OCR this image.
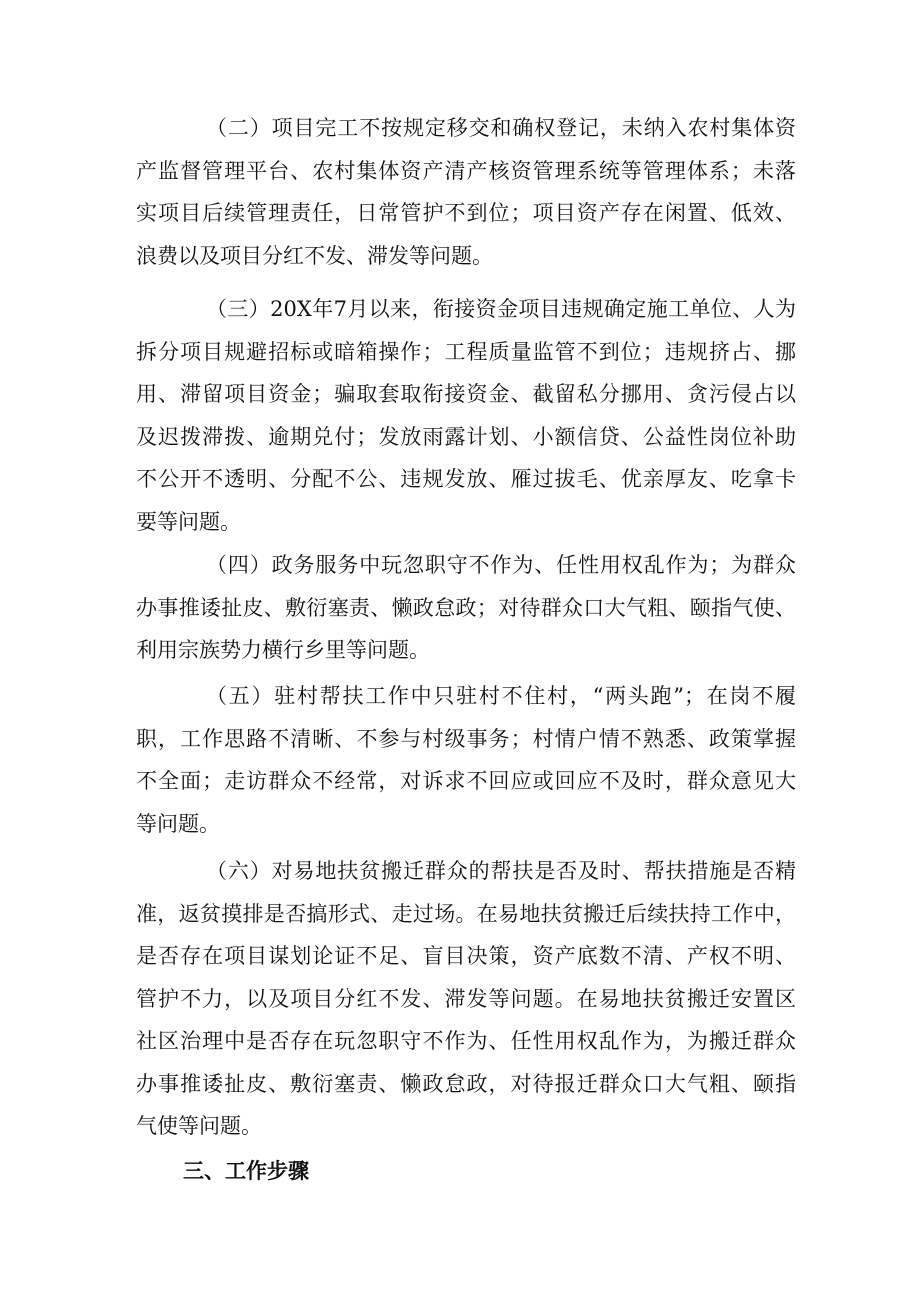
（二）项目完工不按规定移交和确权登记，未纳入农村集体资
产监督管理平台、农村集体资产清产核资管理系统等管理体系；未落
实项目后续管理责任，日常管护不到位；项目资产存在闲置、低效、
浪费以及项目分红不发、滞发等问题。
（三）20X年7月以来，衔接资金项目违规确定施工单位、人为
拆分项目规避招标或暗箱操作；工程质量监管不到位；违规挤占、挪
用、滞留项目资金；骗取套取衔接资金、截留私分挪用、贪污侵占以
及迟拨滞拨、逾期兑付；发放雨露计划、小额信贷、公益性岗位补助
不公开不透明、分配不公、违规发放、雁过拔毛、优亲厚友、吃拿卡
要等问题。
（四）政务服务中玩忽职守不作为、任性用权乱作为；为群众
办事推诿扯皮、敷衍塞责、懒政怠政；对待群众口大气粗、颐指气使、
利用宗族势力横行乡里等问题。
（五）驻村帮扶工作中只驻村不住村，“两头跑”；在岗不履
职，工作思路不清晰、不参与村级事务；村情户情不熟悉、政策掌握
不全面；走访群众不经常，对诉求不回应或回应不及时，群众意见大
等问题。
（六）对易地扶贫搬迁群众的帮扶是否及时、帮扶措施是否精
准，返贫摸排是否搞形式、走过场。在易地扶贫搬迁后续扶持工作中，
是否存在项目谋划论证不足、盲目决策，资产底数不清、产权不明、
管护不力，以及项目分红不发、滞发等问题。在易地扶贫搬迁安置区
社区治理中是否存在玩忽职守不作为、任性用权乱作为，为搬迁群众
办事推诿扯皮、敷衍塞责、懒政怠政，对待报迁群众口大气粗、颐指
气使等问题。
三、工作步骤
